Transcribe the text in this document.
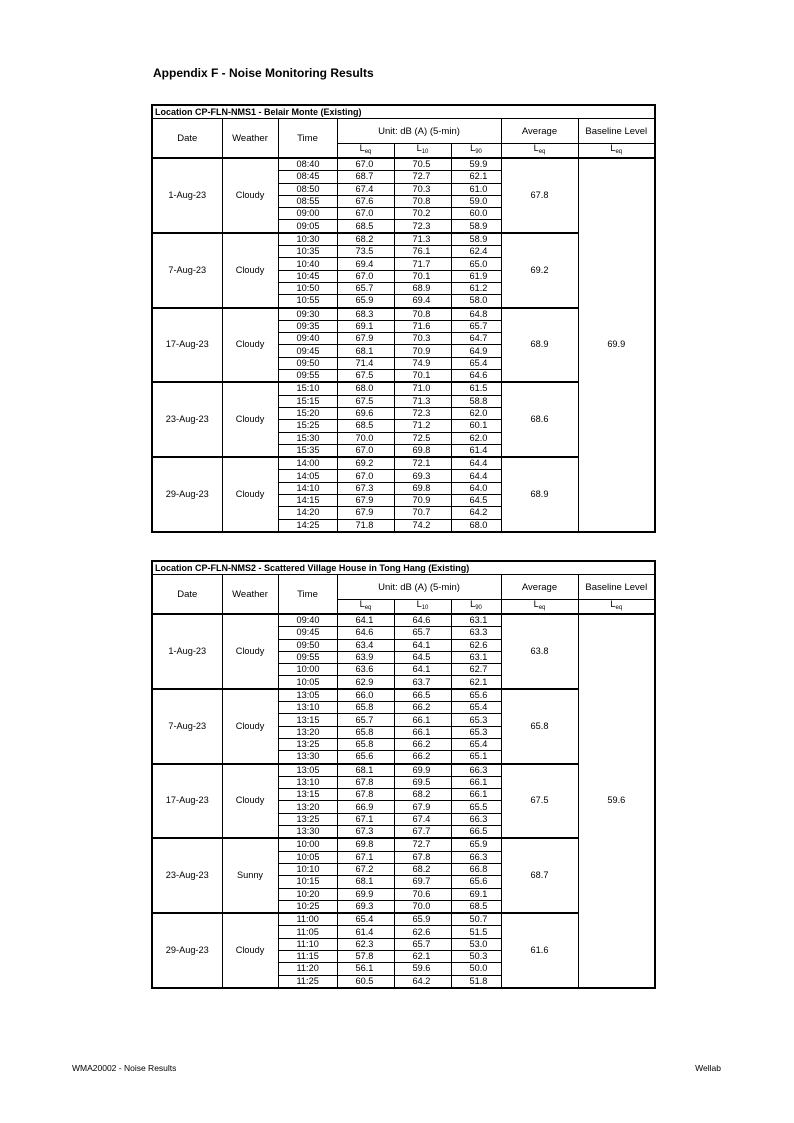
Appendix F - Noise Monitoring Results
Location CP-FLN-NMS1 - Belair Monte (Existing)							
Date	Weather	Time	Unit: dB (A) (5-min)			Average	Baseline Level
			$L_{eq}$	$L_{10}$	$L_{90}$	$L_{eq}$	$L_{eq}$
1-Aug-23	Cloudy	08:40	67.0	70.5	59.9	67.8	69.9
		08:45	68.7	72.7	62.1		
		08:50	67.4	70.3	61.0		
		08:55	67.6	70.8	59.0		
		09:00	67.0	70.2	60.0		
		09:05	68.5	72.3	58.9		
7-Aug-23	Cloudy	10:30	68.2	71.3	58.9	69.2	
		10:35	73.5	76.1	62.4		
		10:40	69.4	71.7	65.0		
		10:45	67.0	70.1	61.9		
		10:50	65.7	68.9	61.2		
		10:55	65.9	69.4	58.0		
17-Aug-23	Cloudy	09:30	68.3	70.8	64.8	68.9	
		09:35	69.1	71.6	65.7		
		09:40	67.9	70.3	64.7		
		09:45	68.1	70.9	64.9		
		09:50	71.4	74.9	65.4		
		09:55	67.5	70.1	64.6		
23-Aug-23	Cloudy	15:10	68.0	71.0	61.5	68.6	
		15:15	67.5	71.3	58.8		
		15:20	69.6	72.3	62.0		
		15:25	68.5	71.2	60.1		
		15:30	70.0	72.5	62.0		
		15:35	67.0	69.8	61.4		
29-Aug-23	Cloudy	14:00	69.2	72.1	64.4	68.9	
		14:05	67.0	69.3	64.4		
		14:10	67.3	69.8	64.0		
		14:15	67.9	70.9	64.5		
		14:20	67.9	70.7	64.2		
		14:25	71.8	74.2	68.0		
Location CP-FLN-NMS2 - Scattered Village House in Tong Hang (Existing)							
Date	Weather	Time	Unit: dB (A) (5-min)			Average	Baseline Level
			$L_{eq}$	$L_{10}$	$L_{90}$	$L_{eq}$	$L_{eq}$
1-Aug-23	Cloudy	09:40	64.1	64.6	63.1	63.8	59.6
		09:45	64.6	65.7	63.3		
		09:50	63.4	64.1	62.6		
		09:55	63.9	64.5	63.1		
		10:00	63.6	64.1	62.7		
		10:05	62.9	63.7	62.1		
7-Aug-23	Cloudy	13:05	66.0	66.5	65.6	65.8	
		13:10	65.8	66.2	65.4		
		13:15	65.7	66.1	65.3		
		13:20	65.8	66.1	65.3		
		13:25	65.8	66.2	65.4		
		13:30	65.6	66.2	65.1		
17-Aug-23	Cloudy	13:05	68.1	69.9	66.3	67.5	
		13:10	67.8	69.5	66.1		
		13:15	67.8	68.2	66.1		
		13:20	66.9	67.9	65.5		
		13:25	67.1	67.4	66.3		
		13:30	67.3	67.7	66.5		
23-Aug-23	Sunny	10:00	69.8	72.7	65.9	68.7	
		10:05	67.1	67.8	66.3		
		10:10	67.2	68.2	66.8		
		10:15	68.1	69.7	65.6		
		10:20	69.9	70.6	69.1		
		10:25	69.3	70.0	68.5		
29-Aug-23	Cloudy	11:00	65.4	65.9	50.7	61.6	
		11:05	61.4	62.6	51.5		
		11:10	62.3	65.7	53.0		
		11:15	57.8	62.1	50.3		
		11:20	56.1	59.6	50.0		
		11:25	60.5	64.2	51.8		
WMA20002 - Noise Results	Wellab
